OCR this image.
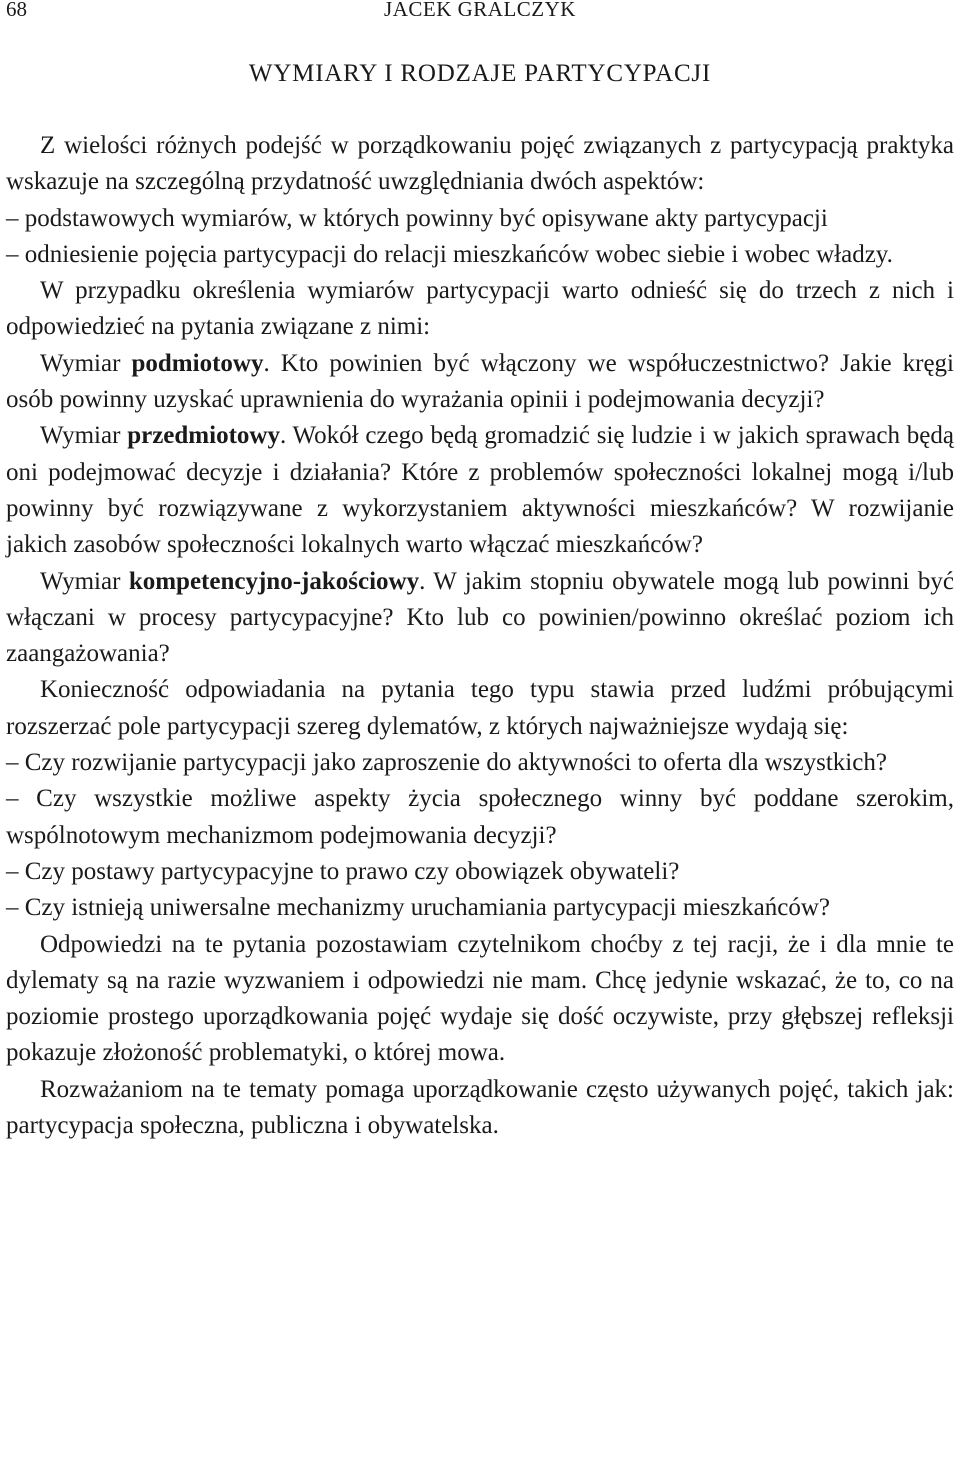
68	JACEK GRALCZYK
WYMIARY I RODZAJE PARTYCYPACJI

Z wielości różnych podejść w porządkowaniu pojęć związanych z partycypacją praktyka wskazuje na szczególną przydatność uwzględniania dwóch aspektów:

– podstawowych wymiarów, w których powinny być opisywane akty partycypacji

– odniesienie pojęcia partycypacji do relacji mieszkańców wobec siebie i wobec władzy.

W przypadku określenia wymiarów partycypacji warto odnieść się do trzech z nich i odpowiedzieć na pytania związane z nimi:

Wymiar podmiotowy. Kto powinien być włączony we współuczestnictwo? Jakie kręgi osób powinny uzyskać uprawnienia do wyrażania opinii i podejmowania decyzji?

Wymiar przedmiotowy. Wokół czego będą gromadzić się ludzie i w jakich sprawach będą oni podejmować decyzje i działania? Które z problemów społeczności lokalnej mogą i/lub powinny być rozwiązywane z wykorzystaniem aktywności mieszkańców? W rozwijanie jakich zasobów społeczności lokalnych warto włączać mieszkańców?

Wymiar kompetencyjno-jakościowy. W jakim stopniu obywatele mogą lub powinni być włączani w procesy partycypacyjne? Kto lub co powinien/powinno określać poziom ich zaangażowania?

Konieczność odpowiadania na pytania tego typu stawia przed ludźmi próbującymi rozszerzać pole partycypacji szereg dylematów, z których najważniejsze wydają się:

– Czy rozwijanie partycypacji jako zaproszenie do aktywności to oferta dla wszystkich?

– Czy wszystkie możliwe aspekty życia społecznego winny być poddane szerokim, wspólnotowym mechanizmom podejmowania decyzji?

– Czy postawy partycypacyjne to prawo czy obowiązek obywateli?

– Czy istnieją uniwersalne mechanizmy uruchamiania partycypacji mieszkańców?

Odpowiedzi na te pytania pozostawiam czytelnikom choćby z tej racji, że i dla mnie te dylematy są na razie wyzwaniem i odpowiedzi nie mam. Chcę jedynie wskazać, że to, co na poziomie prostego uporządkowania pojęć wydaje się dość oczywiste, przy głębszej refleksji pokazuje złożoność problematyki, o której mowa.

Rozważaniom na te tematy pomaga uporządkowanie często używanych pojęć, takich jak: partycypacja społeczna, publiczna i obywatelska.
